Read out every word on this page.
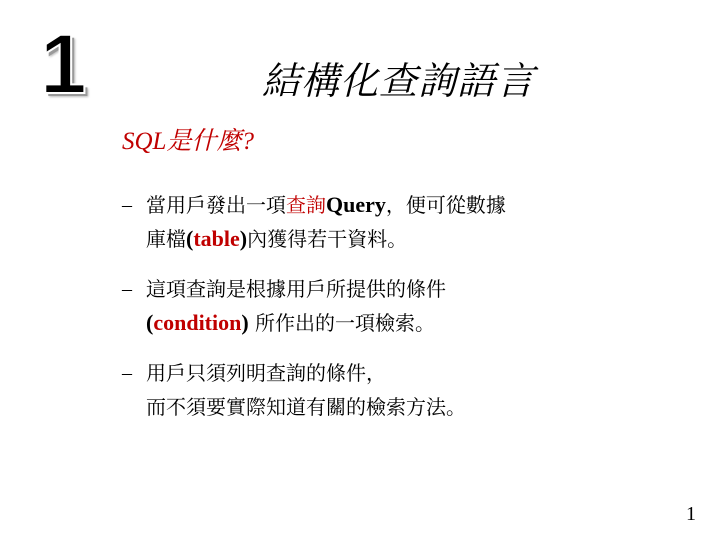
1	結構化查詢語言
SQL是什麼?
– 當用戶發出一項查詢Query，便可從數據
庫檔(table)內獲得若干資料。
– 這項查詢是根據用戶所提供的條件
(condition) 所作出的一項檢索。
– 用戶只須列明查詢的條件，
而不須要實際知道有關的檢索方法。
1
